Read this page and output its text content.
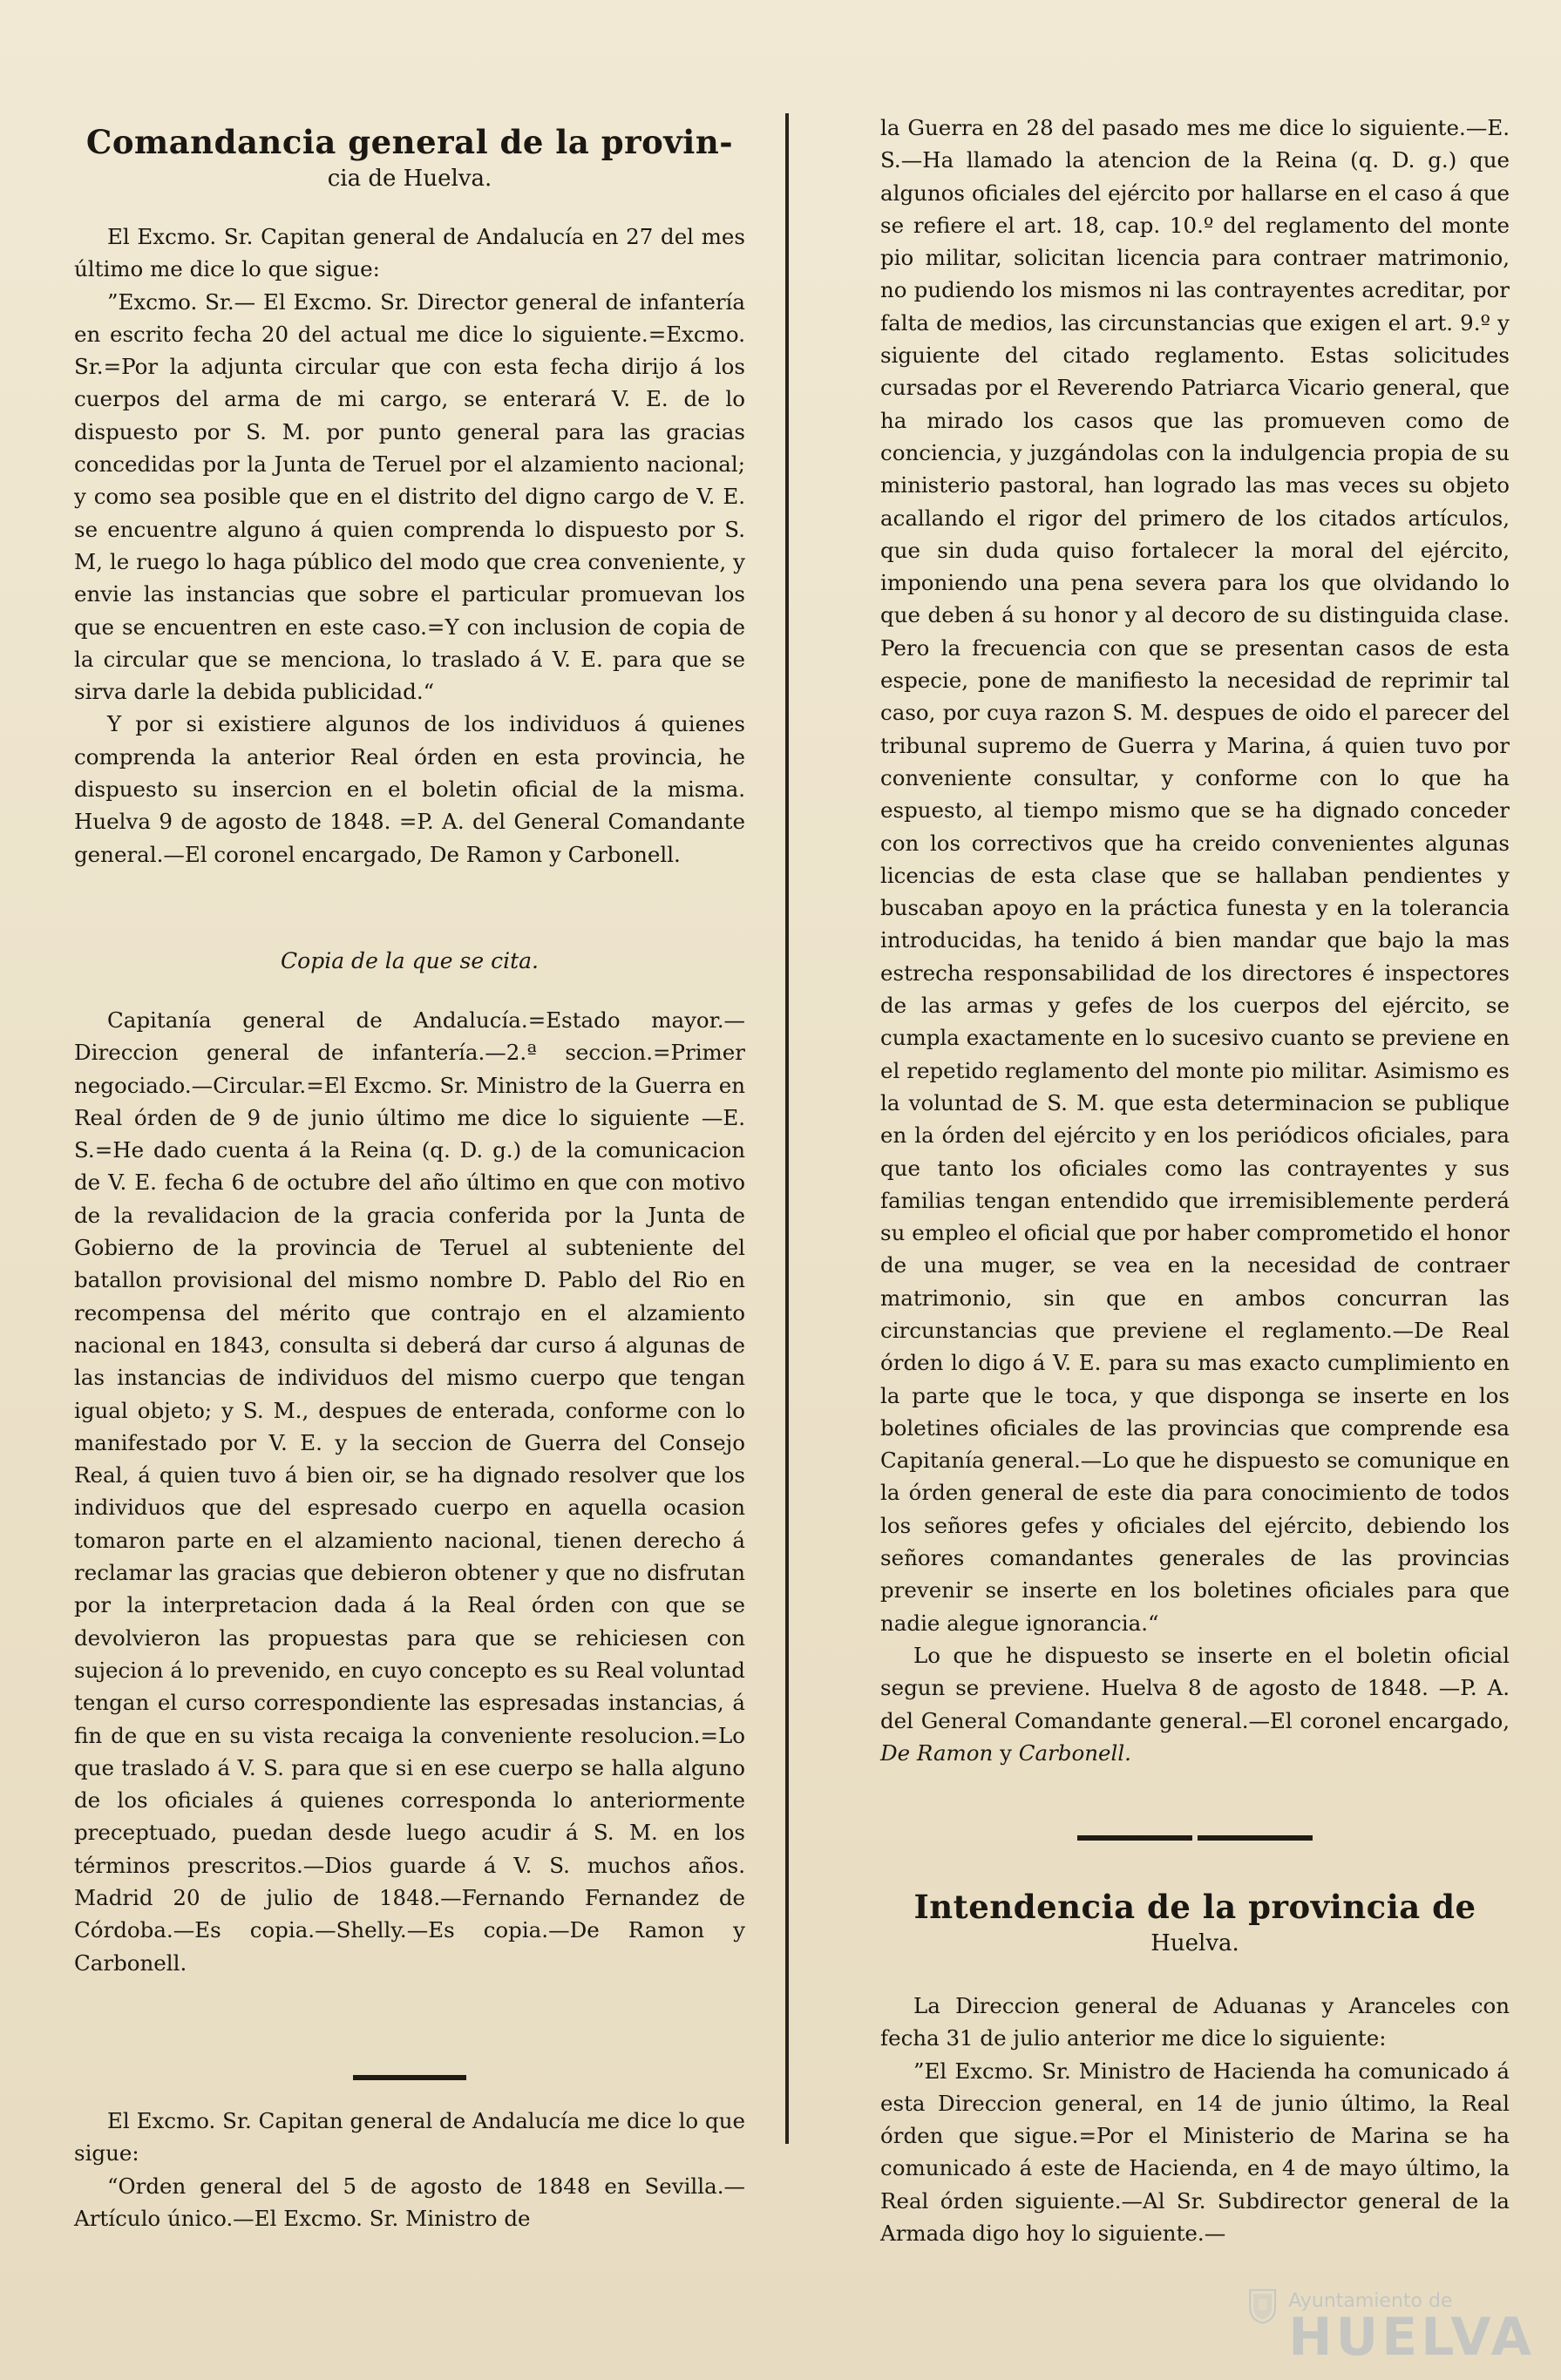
Comandancia general de la provin-
cia de Huelva.

El Excmo. Sr. Capitan general de Andalucía en 27 del mes último me dice lo que sigue:

”Excmo. Sr.— El Excmo. Sr. Director general de infantería en escrito fecha 20 del actual me dice lo siguiente.=Excmo. Sr.=Por la adjunta circular que con esta fecha dirijo á los cuerpos del arma de mi cargo, se enterará V. E. de lo dispuesto por S. M. por punto general para las gracias concedidas por la Junta de Teruel por el alzamiento nacional; y como sea posible que en el distrito del digno cargo de V. E. se encuentre alguno á quien comprenda lo dispuesto por S. M, le ruego lo haga público del modo que crea conveniente, y envie las instancias que sobre el particular promuevan los que se encuentren en este caso.=Y con inclusion de copia de la circular que se menciona, lo traslado á V. E. para que se sirva darle la debida publicidad.“

Y por si existiere algunos de los individuos á quienes comprenda la anterior Real órden en esta provincia, he dispuesto su insercion en el boletin oficial de la misma. Huelva 9 de agosto de 1848. =P. A. del General Comandante general.—El coronel encargado, De Ramon y Carbonell.

Copia de la que se cita.

Capitanía general de Andalucía.=Estado mayor.—Direccion general de infantería.—2.ª seccion.=Primer negociado.—Circular.=El Excmo. Sr. Ministro de la Guerra en Real órden de 9 de junio último me dice lo siguiente —E. S.=He dado cuenta á la Reina (q. D. g.) de la comunicacion de V. E. fecha 6 de octubre del año último en que con motivo de la revalidacion de la gracia conferida por la Junta de Gobierno de la provincia de Teruel al subteniente del batallon provisional del mismo nombre D. Pablo del Rio en recompensa del mérito que contrajo en el alzamiento nacional en 1843, consulta si deberá dar curso á algunas de las instancias de individuos del mismo cuerpo que tengan igual objeto; y S. M., despues de enterada, conforme con lo manifestado por V. E. y la seccion de Guerra del Consejo Real, á quien tuvo á bien oir, se ha dignado resolver que los individuos que del espresado cuerpo en aquella ocasion tomaron parte en el alzamiento nacional, tienen derecho á reclamar las gracias que debieron obtener y que no disfrutan por la interpretacion dada á la Real órden con que se devolvieron las propuestas para que se rehiciesen con sujecion á lo prevenido, en cuyo concepto es su Real voluntad tengan el curso correspondiente las espresadas instancias, á fin de que en su vista recaiga la conveniente resolucion.=Lo que traslado á V. S. para que si en ese cuerpo se halla alguno de los oficiales á quienes corresponda lo anteriormente preceptuado, puedan desde luego acudir á S. M. en los términos prescritos.—Dios guarde á V. S. muchos años. Madrid 20 de julio de 1848.—Fernando Fernandez de Córdoba.—Es copia.—Shelly.—Es copia.—De Ramon y Carbonell.

El Excmo. Sr. Capitan general de Andalucía me dice lo que sigue:

“Orden general del 5 de agosto de 1848 en Sevilla.—Artículo único.—El Excmo. Sr. Ministro de

la Guerra en 28 del pasado mes me dice lo siguiente.—E. S.—Ha llamado la atencion de la Reina (q. D. g.) que algunos oficiales del ejército por hallarse en el caso á que se refiere el art. 18, cap. 10.º del reglamento del monte pio militar, solicitan licencia para contraer matrimonio, no pudiendo los mismos ni las contrayentes acreditar, por falta de medios, las circunstancias que exigen el art. 9.º y siguiente del citado reglamento. Estas solicitudes cursadas por el Reverendo Patriarca Vicario general, que ha mirado los casos que las promueven como de conciencia, y juzgándolas con la indulgencia propia de su ministerio pastoral, han logrado las mas veces su objeto acallando el rigor del primero de los citados artículos, que sin duda quiso fortalecer la moral del ejército, imponiendo una pena severa para los que olvidando lo que deben á su honor y al decoro de su distinguida clase. Pero la frecuencia con que se presentan casos de esta especie, pone de manifiesto la necesidad de reprimir tal caso, por cuya razon S. M. despues de oido el parecer del tribunal supremo de Guerra y Marina, á quien tuvo por conveniente consultar, y conforme con lo que ha espuesto, al tiempo mismo que se ha dignado conceder con los correctivos que ha creido convenientes algunas licencias de esta clase que se hallaban pendientes y buscaban apoyo en la práctica funesta y en la tolerancia introducidas, ha tenido á bien mandar que bajo la mas estrecha responsabilidad de los directores é inspectores de las armas y gefes de los cuerpos del ejército, se cumpla exactamente en lo sucesivo cuanto se previene en el repetido reglamento del monte pio militar. Asimismo es la voluntad de S. M. que esta determinacion se publique en la órden del ejército y en los periódicos oficiales, para que tanto los oficiales como las contrayentes y sus familias tengan entendido que irremisiblemente perderá su empleo el oficial que por haber comprometido el honor de una muger, se vea en la necesidad de contraer matrimonio, sin que en ambos concurran las circunstancias que previene el reglamento.—De Real órden lo digo á V. E. para su mas exacto cumplimiento en la parte que le toca, y que disponga se inserte en los boletines oficiales de las provincias que comprende esa Capitanía general.—Lo que he dispuesto se comunique en la órden general de este dia para conocimiento de todos los señores gefes y oficiales del ejército, debiendo los señores comandantes generales de las provincias prevenir se inserte en los boletines oficiales para que nadie alegue ignorancia.“

Lo que he dispuesto se inserte en el boletin oficial segun se previene. Huelva 8 de agosto de 1848. —P. A. del General Comandante general.—El coronel encargado, De Ramon y Carbonell.

Intendencia de la provincia de
Huelva.

La Direccion general de Aduanas y Aranceles con fecha 31 de julio anterior me dice lo siguiente:

”El Excmo. Sr. Ministro de Hacienda ha comunicado á esta Direccion general, en 14 de junio último, la Real órden que sigue.=Por el Ministerio de Marina se ha comunicado á este de Hacienda, en 4 de mayo último, la Real órden siguiente.—Al Sr. Subdirector general de la Armada digo hoy lo siguiente.—

Ayuntamiento de
HUELVA
